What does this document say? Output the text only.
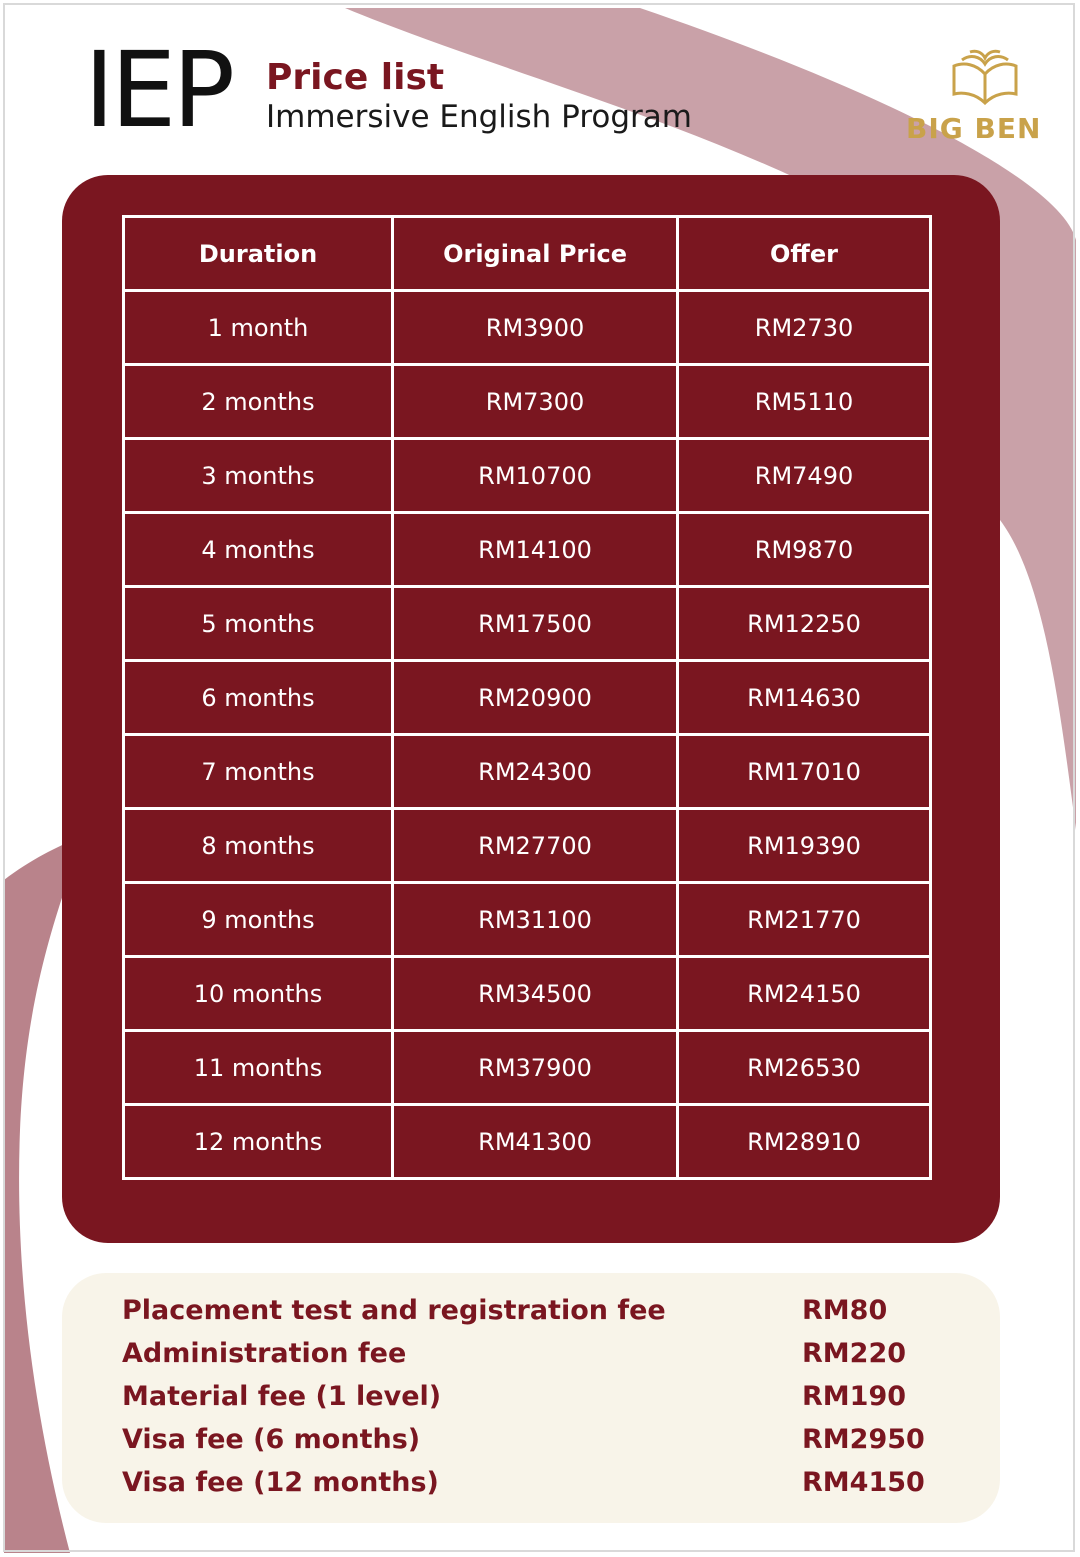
IEP Price list
Immersive English Program	BIG BEN
Duration	Original Price	Offer
1 month	RM3900	RM2730
2 months	RM7300	RM5110
3 months	RM10700	RM7490
4 months	RM14100	RM9870
5 months	RM17500	RM12250
6 months	RM20900	RM14630
7 months	RM24300	RM17010
8 months	RM27700	RM19390
9 months	RM31100	RM21770
10 months	RM34500	RM24150
11 months	RM37900	RM26530
12 months	RM41300	RM28910
Placement test and registration fee	RM80
Administration fee	RM220
Material fee (1 level)	RM190
Visa fee (6 months)	RM2950
Visa fee (12 months)	RM4150
